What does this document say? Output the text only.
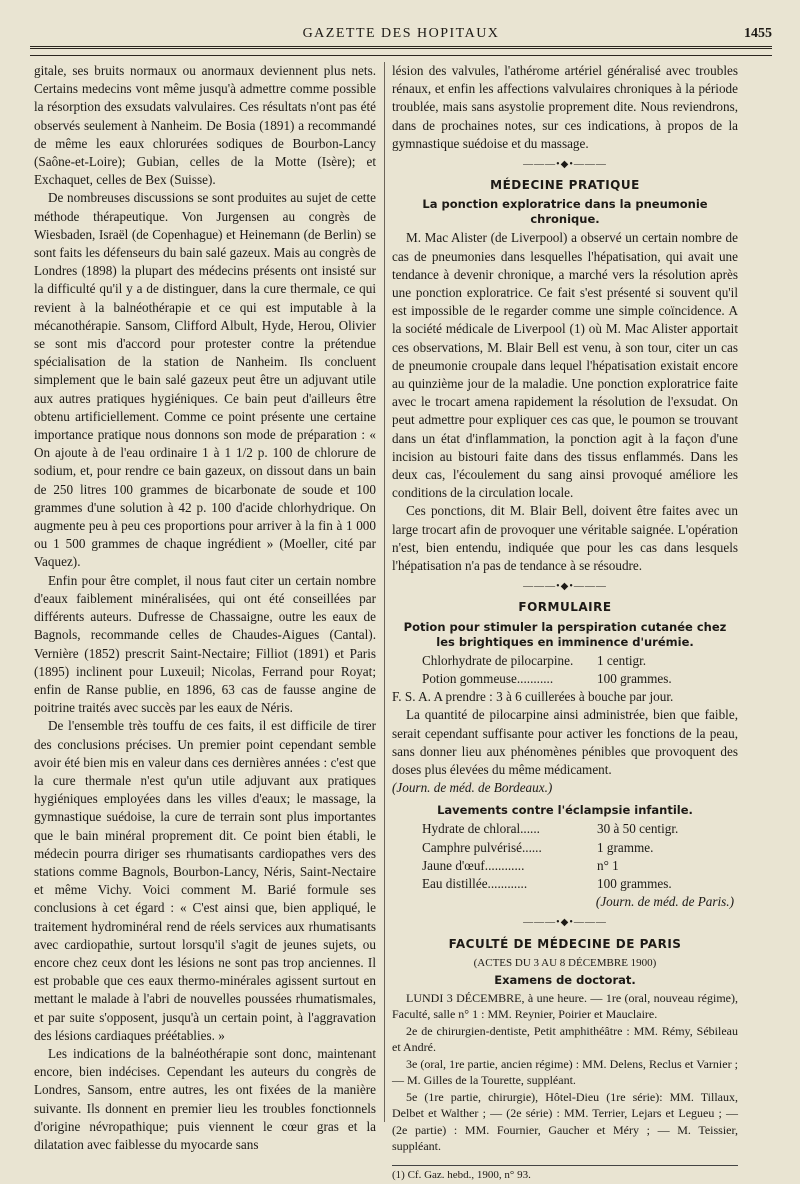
GAZETTE DES HOPITAUX	1455

gitale, ses bruits normaux ou anormaux deviennent plus nets. Certains medecins vont même jusqu'à admettre comme possible la résorption des exsudats valvulaires. Ces résultats n'ont pas été observés seulement à Nanheim. De Bosia (1891) a recommandé de même les eaux chlorurées sodiques de Bourbon-Lancy (Saône-et-Loire); Gubian, celles de la Motte (Isère); et Exchaquet, celles de Bex (Suisse).

De nombreuses discussions se sont produites au sujet de cette méthode thérapeutique. Von Jurgensen au congrès de Wiesbaden, Israël (de Copenhague) et Heinemann (de Berlin) se sont faits les défenseurs du bain salé gazeux. Mais au congrès de Londres (1898) la plupart des médecins présents ont insisté sur la difficulté qu'il y a de distinguer, dans la cure thermale, ce qui revient à la balnéothérapie et ce qui est imputable à la mécanothérapie. Sansom, Clifford Albult, Hyde, Herou, Olivier se sont mis d'accord pour protester contre la prétendue spécialisation de la station de Nanheim. Ils concluent simplement que le bain salé gazeux peut être un adjuvant utile aux autres pratiques hygiéniques. Ce bain peut d'ailleurs être obtenu artificiellement. Comme ce point présente une certaine importance pratique nous donnons son mode de préparation : « On ajoute à de l'eau ordinaire 1 à 1 1/2 p. 100 de chlorure de sodium, et, pour rendre ce bain gazeux, on dissout dans un bain de 250 litres 100 grammes de bicarbonate de soude et 100 grammes d'une solution à 42 p. 100 d'acide chlorhydrique. On augmente peu à peu ces proportions pour arriver à la fin à 1 000 ou 1 500 grammes de chaque ingrédient » (Moeller, cité par Vaquez).

Enfin pour être complet, il nous faut citer un certain nombre d'eaux faiblement minéralisées, qui ont été conseillées par différents auteurs. Dufresse de Chassaigne, outre les eaux de Bagnols, recommande celles de Chaudes-Aigues (Cantal). Vernière (1852) prescrit Saint-Nectaire; Filliot (1891) et Paris (1895) inclinent pour Luxeuil; Nicolas, Ferrand pour Royat; enfin de Ranse publie, en 1896, 63 cas de fausse angine de poitrine traités avec succès par les eaux de Néris.

De l'ensemble très touffu de ces faits, il est difficile de tirer des conclusions précises. Un premier point cependant semble avoir été bien mis en valeur dans ces dernières années : c'est que la cure thermale n'est qu'un utile adjuvant aux pratiques hygiéniques employées dans les villes d'eaux; le massage, la gymnastique suédoise, la cure de terrain sont plus importantes que le bain minéral proprement dit. Ce point bien établi, le médecin pourra diriger ses rhumatisants cardiopathes vers des stations comme Bagnols, Bourbon-Lancy, Néris, Saint-Nectaire et même Vichy. Voici comment M. Barié formule ses conclusions à cet égard : « C'est ainsi que, bien appliqué, le traitement hydrominéral rend de réels services aux rhumatisants avec cardiopathie, surtout lorsqu'il s'agit de jeunes sujets, ou encore chez ceux dont les lésions ne sont pas trop anciennes. Il est probable que ces eaux thermo-minérales agissent surtout en mettant le malade à l'abri de nouvelles poussées rhumatismales, et par suite s'opposent, jusqu'à un certain point, à l'aggravation des lésions cardiaques préétablies. »

Les indications de la balnéothérapie sont donc, maintenant encore, bien indécises. Cependant les auteurs du congrès de Londres, Sansom, entre autres, les ont fixées de la manière suivante. Ils donnent en premier lieu les troubles fonctionnels d'origine névropathique; puis viennent le cœur gras et la dilatation avec faiblesse du myocarde sans

lésion des valvules, l'athérome artériel généralisé avec troubles rénaux, et enfin les affections valvulaires chroniques à la période troublée, mais sans asystolie proprement dite. Nous reviendrons, dans de prochaines notes, sur ces indications, à propos de la gymnastique suédoise et du massage.

———•◆•———
MÉDECINE PRATIQUE
La ponction exploratrice dans la pneumonie chronique.

M. Mac Alister (de Liverpool) a observé un certain nombre de cas de pneumonies dans lesquelles l'hépatisation, qui avait une tendance à devenir chronique, a marché vers la résolution après une ponction exploratrice. Ce fait s'est présenté si souvent qu'il est impossible de le regarder comme une simple coïncidence. A la société médicale de Liverpool (1) où M. Mac Alister apportait ces observations, M. Blair Bell est venu, à son tour, citer un cas de pneumonie croupale dans lequel l'hépatisation existait encore au quinzième jour de la maladie. Une ponction exploratrice faite avec le trocart amena rapidement la résolution de l'exsudat. On peut admettre pour expliquer ces cas que, le poumon se trouvant dans un état d'inflammation, la ponction agit à la façon d'une incision au bistouri faite dans des tissus enflammés. Dans les deux cas, l'écoulement du sang ainsi provoqué améliore les conditions de la circulation locale.

Ces ponctions, dit M. Blair Bell, doivent être faites avec un large trocart afin de provoquer une véritable saignée. L'opération n'est, bien entendu, indiquée que pour les cas dans lesquels l'hépatisation n'a pas de tendance à se résoudre.

———•◆•———
FORMULAIRE
Potion pour stimuler la perspiration cutanée chez les brightiques en imminence d'urémie.
Chlorhydrate de pilocarpine.	1 centigr.
Potion gommeuse...........	100 grammes.

F. S. A. A prendre : 3 à 6 cuillerées à bouche par jour.

La quantité de pilocarpine ainsi administrée, bien que faible, serait cependant suffisante pour activer les fonctions de la peau, sans donner lieu aux phénomènes pénibles que provoquent des doses plus élevées du même médicament.

(Journ. de méd. de Bordeaux.)

Lavements contre l'éclampsie infantile.
Hydrate de chloral......	30 à 50 centigr.
Camphre pulvérisé......	1 gramme.
Jaune d'œuf............	n° 1
Eau distillée............	100 grammes.
(Journ. de méd. de Paris.)
———•◆•———
FACULTÉ DE MÉDECINE DE PARIS
(ACTES DU 3 AU 8 DÉCEMBRE 1900)
Examens de doctorat.

LUNDI 3 DÉCEMBRE, à une heure. — 1re (oral, nouveau régime), Faculté, salle n° 1 : MM. Reynier, Poirier et Mauclaire.

2e de chirurgien-dentiste, Petit amphithéâtre : MM. Rémy, Sébileau et André.

3e (oral, 1re partie, ancien régime) : MM. Delens, Reclus et Varnier ; — M. Gilles de la Tourette, suppléant.

5e (1re partie, chirurgie), Hôtel-Dieu (1re série): MM. Tillaux, Delbet et Walther ; — (2e série) : MM. Terrier, Lejars et Legueu ; — (2e partie) : MM. Fournier, Gaucher et Méry ; — M. Teissier, suppléant.

(1) Cf. Gaz. hebd., 1900, n° 93.
